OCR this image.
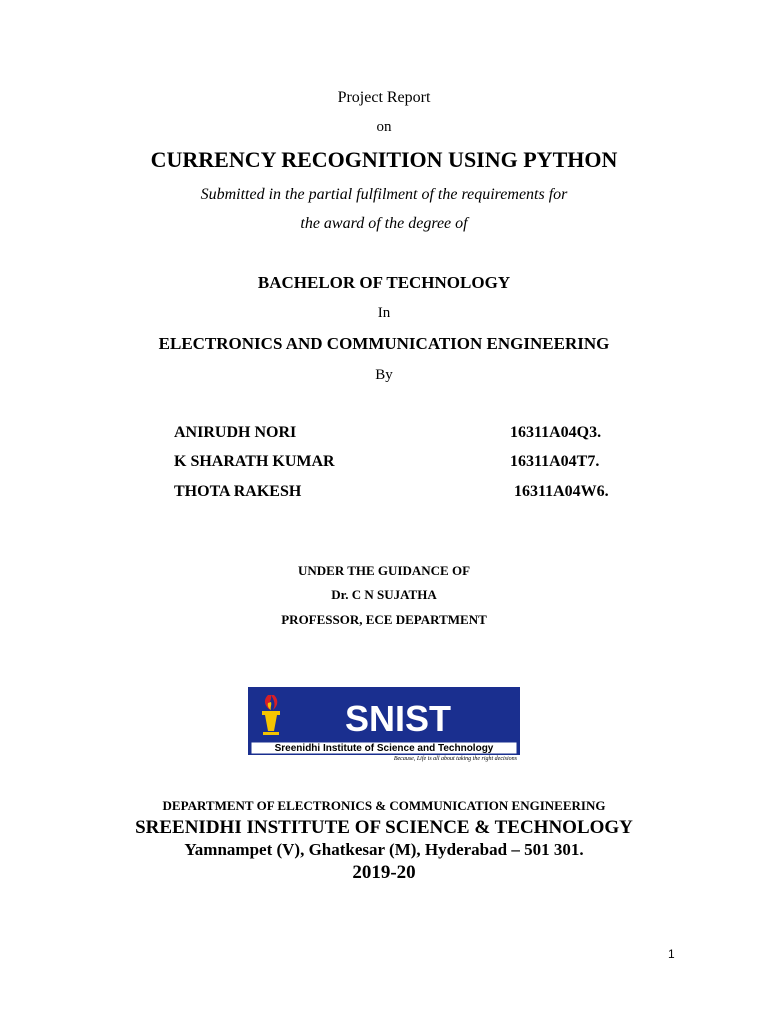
Project Report
on
CURRENCY RECOGNITION USING PYTHON
Submitted in the partial fulfilment of the requirements for
the award of the degree of
BACHELOR OF TECHNOLOGY
In
ELECTRONICS AND COMMUNICATION ENGINEERING
By
ANIRUDH NORI	16311A04Q3.
K SHARATH KUMAR	16311A04T7.
THOTA RAKESH	16311A04W6.
UNDER THE GUIDANCE OF
Dr. C N SUJATHA
PROFESSOR, ECE DEPARTMENT
SNIST
Sreenidhi Institute of Science and Technology
Because, Life is all about taking the right decisions
DEPARTMENT OF ELECTRONICS & COMMUNICATION ENGINEERING
SREENIDHI INSTITUTE OF SCIENCE & TECHNOLOGY
Yamnampet (V), Ghatkesar (M), Hyderabad – 501 301.
2019-20
1
